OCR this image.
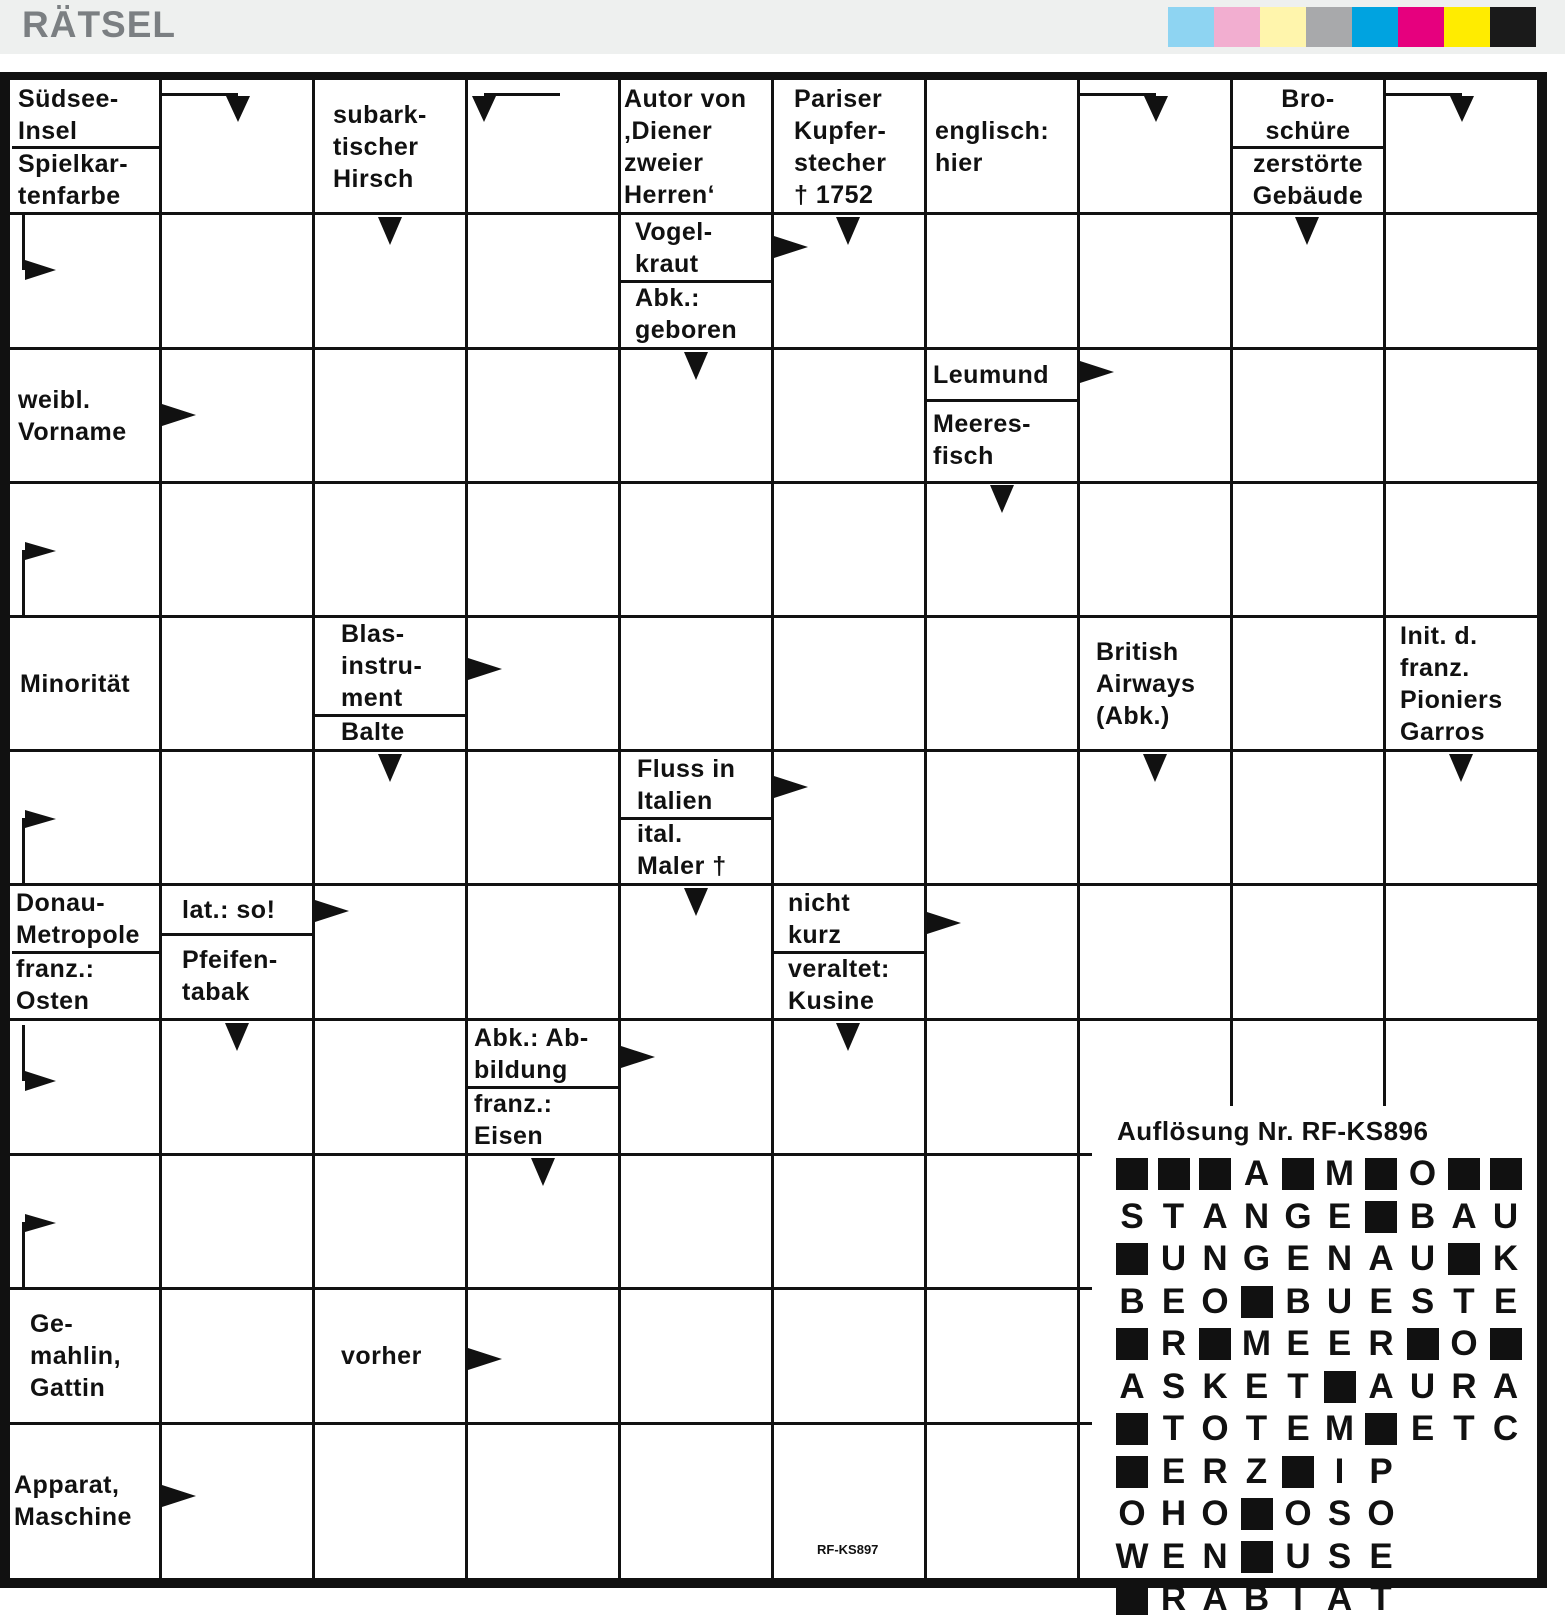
RÄTSEL
Südsee-
Insel
Spielkar-
tenfarbe
subark-
tischer
Hirsch
Autor von
‚Diener
zweier
Herren‘
Pariser
Kupfer-
stecher
† 1752
englisch:
hier
Bro-
schüre
zerstörte
Gebäude
Vogel-
kraut
Abk.:
geboren
weibl.
Vorname
Leumund
Meeres-
fisch
Minorität
Blas-
instru-
ment
Balte
British
Airways
(Abk.)
Init. d.
franz.
Pioniers
Garros
Fluss in
Italien
ital.
Maler †
Donau-
Metropole
franz.:
Osten
lat.: so!
Pfeifen-
tabak
nicht
kurz
veraltet:
Kusine
Abk.: Ab-
bildung
franz.:
Eisen
Ge-
mahlin,
Gattin
vorher
Apparat,
Maschine
Auflösung Nr. RF-KS896
A M O
S T A N G E B A U
U N G E N A U K
B E O B U E S T E
R M E E R O
A S K E T A U R A
T O T E M E T C
E R Z	I P
O H O O S O
W E N U S E
R A B I A T
RF-KS897
